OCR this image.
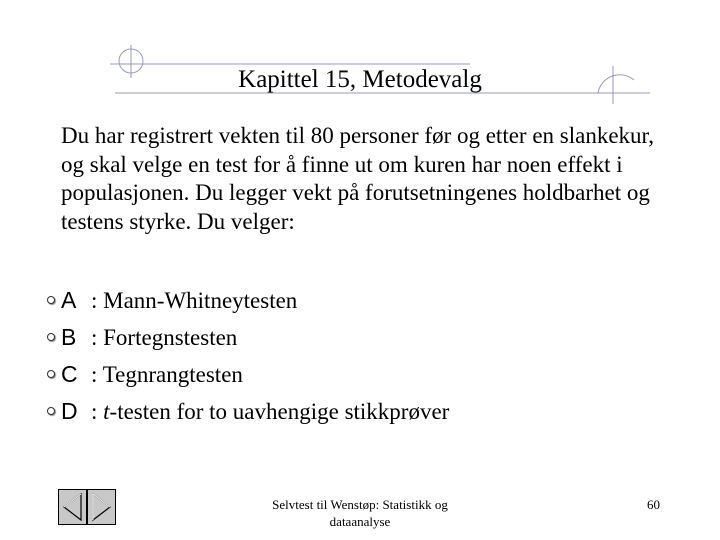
Kapittel 15, Metodevalg
Du har registrert vekten til 80 personer før og etter en slankekur, og skal velge en test for å finne ut om kuren har noen effekt i populasjonen. Du legger vekt på forutsetningenes holdbarhet og testens styrke. Du velger:
A : Mann-Whitneytesten
B : Fortegnstesten
C : Tegnrangtesten
D : t-testen for to uavhengige stikkprøver
Selvtest til Wenstøp: Statistikk og dataanalyse
60
